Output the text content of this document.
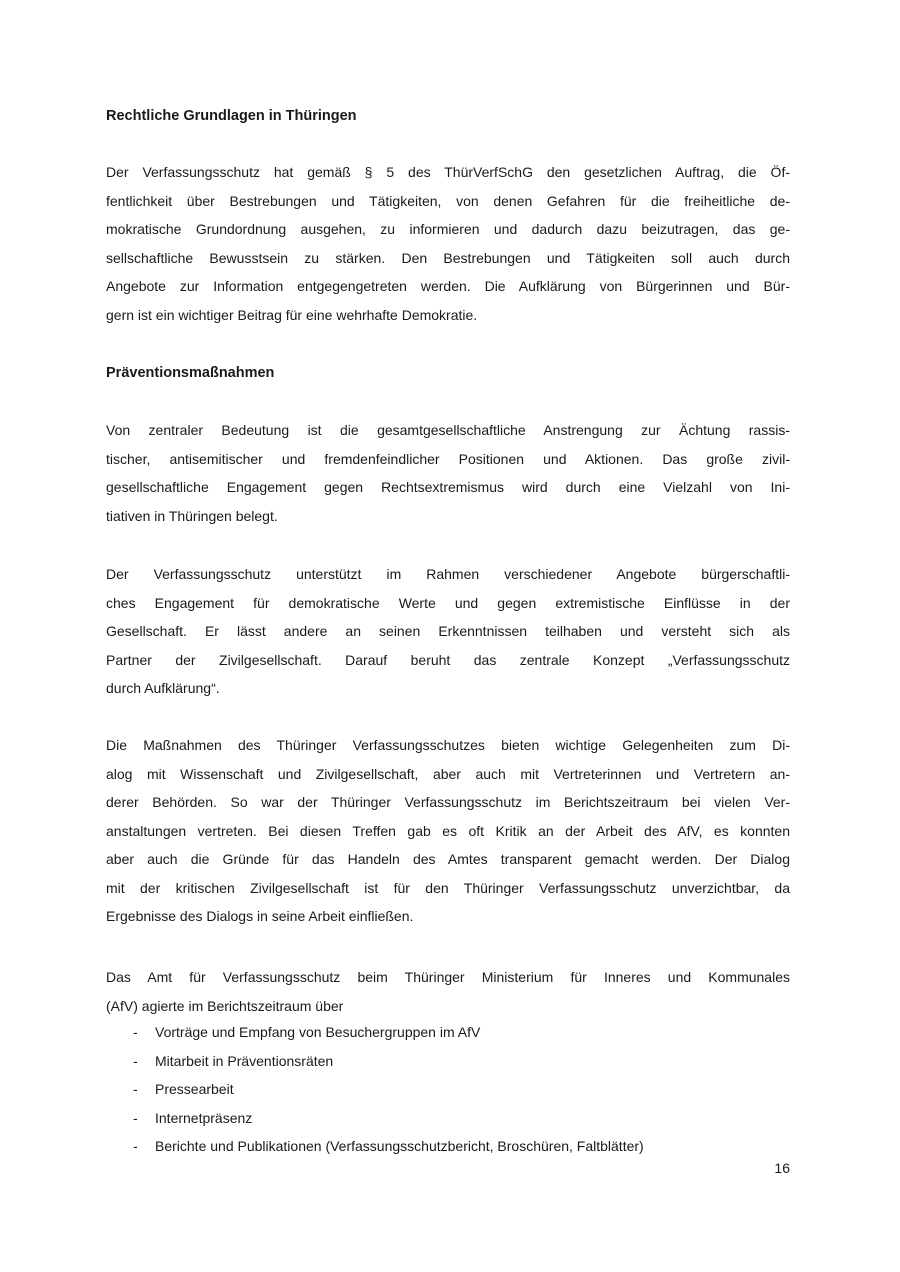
Rechtliche Grundlagen in Thüringen
Der Verfassungsschutz hat gemäß § 5 des ThürVerfSchG den gesetzlichen Auftrag, die Öf-
fentlichkeit über Bestrebungen und Tätigkeiten, von denen Gefahren für die freiheitliche de-
mokratische Grundordnung ausgehen, zu informieren und dadurch dazu beizutragen, das ge-
sellschaftliche Bewusstsein zu stärken. Den Bestrebungen und Tätigkeiten soll auch durch
Angebote zur Information entgegengetreten werden. Die Aufklärung von Bürgerinnen und Bür-
gern ist ein wichtiger Beitrag für eine wehrhafte Demokratie.
Präventionsmaßnahmen
Von zentraler Bedeutung ist die gesamtgesellschaftliche Anstrengung zur Ächtung rassis-
tischer, antisemitischer und fremdenfeindlicher Positionen und Aktionen. Das große zivil-
gesellschaftliche Engagement gegen Rechtsextremismus wird durch eine Vielzahl von Ini-
tiativen in Thüringen belegt.
Der Verfassungsschutz unterstützt im Rahmen verschiedener Angebote bürgerschaftli-
ches Engagement für demokratische Werte und gegen extremistische Einflüsse in der
Gesellschaft. Er lässt andere an seinen Erkenntnissen teilhaben und versteht sich als
Partner der Zivilgesellschaft. Darauf beruht das zentrale Konzept „Verfassungsschutz
durch Aufklärung“.
Die Maßnahmen des Thüringer Verfassungsschutzes bieten wichtige Gelegenheiten zum Di-
alog mit Wissenschaft und Zivilgesellschaft, aber auch mit Vertreterinnen und Vertretern an-
derer Behörden. So war der Thüringer Verfassungsschutz im Berichtszeitraum bei vielen Ver-
anstaltungen vertreten. Bei diesen Treffen gab es oft Kritik an der Arbeit des AfV, es konnten
aber auch die Gründe für das Handeln des Amtes transparent gemacht werden. Der Dialog
mit der kritischen Zivilgesellschaft ist für den Thüringer Verfassungsschutz unverzichtbar, da
Ergebnisse des Dialogs in seine Arbeit einfließen.
Das Amt für Verfassungsschutz beim Thüringer Ministerium für Inneres und Kommunales
(AfV) agierte im Berichtszeitraum über
-	Vorträge und Empfang von Besuchergruppen im AfV
-	Mitarbeit in Präventionsräten
-	Pressearbeit
-	Internetpräsenz
-	Berichte und Publikationen (Verfassungsschutzbericht, Broschüren, Faltblätter)
16
